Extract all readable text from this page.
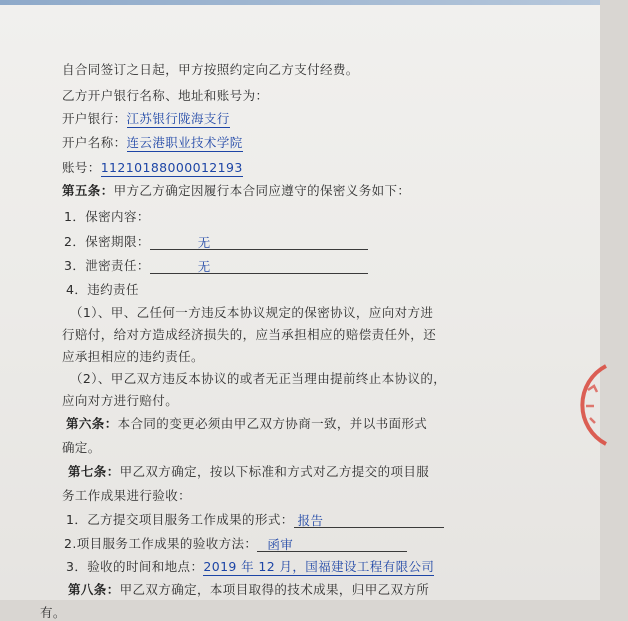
自合同签订之日起，甲方按照约定向乙方支付经费。
乙方开户银行名称、地址和账号为：
开户银行：江苏银行陇海支行
开户名称：连云港职业技术学院
账号：11210188000012193
第五条：甲方乙方确定因履行本合同应遵守的保密义务如下：
1．保密内容：
2．保密期限：	无
3．泄密责任：	无
4．违约责任
（1）、甲、乙任何一方违反本协议规定的保密协议，应向对方进
行赔付，给对方造成经济损失的，应当承担相应的赔偿责任外，还
应承担相应的违约责任。
（2）、甲乙双方违反本协议的或者无正当理由提前终止本协议的，
应向对方进行赔付。
第六条：本合同的变更必须由甲乙双方协商一致，并以书面形式
确定。
第七条：甲乙双方确定，按以下标准和方式对乙方提交的项目服
务工作成果进行验收：
1．乙方提交项目服务工作成果的形式： 报告
2.项目服务工作成果的验收方法： 函审
3．验收的时间和地点：2019 年 12 月，国福建设工程有限公司
第八条：甲乙双方确定，本项目取得的技术成果，归甲乙双方所
有。
